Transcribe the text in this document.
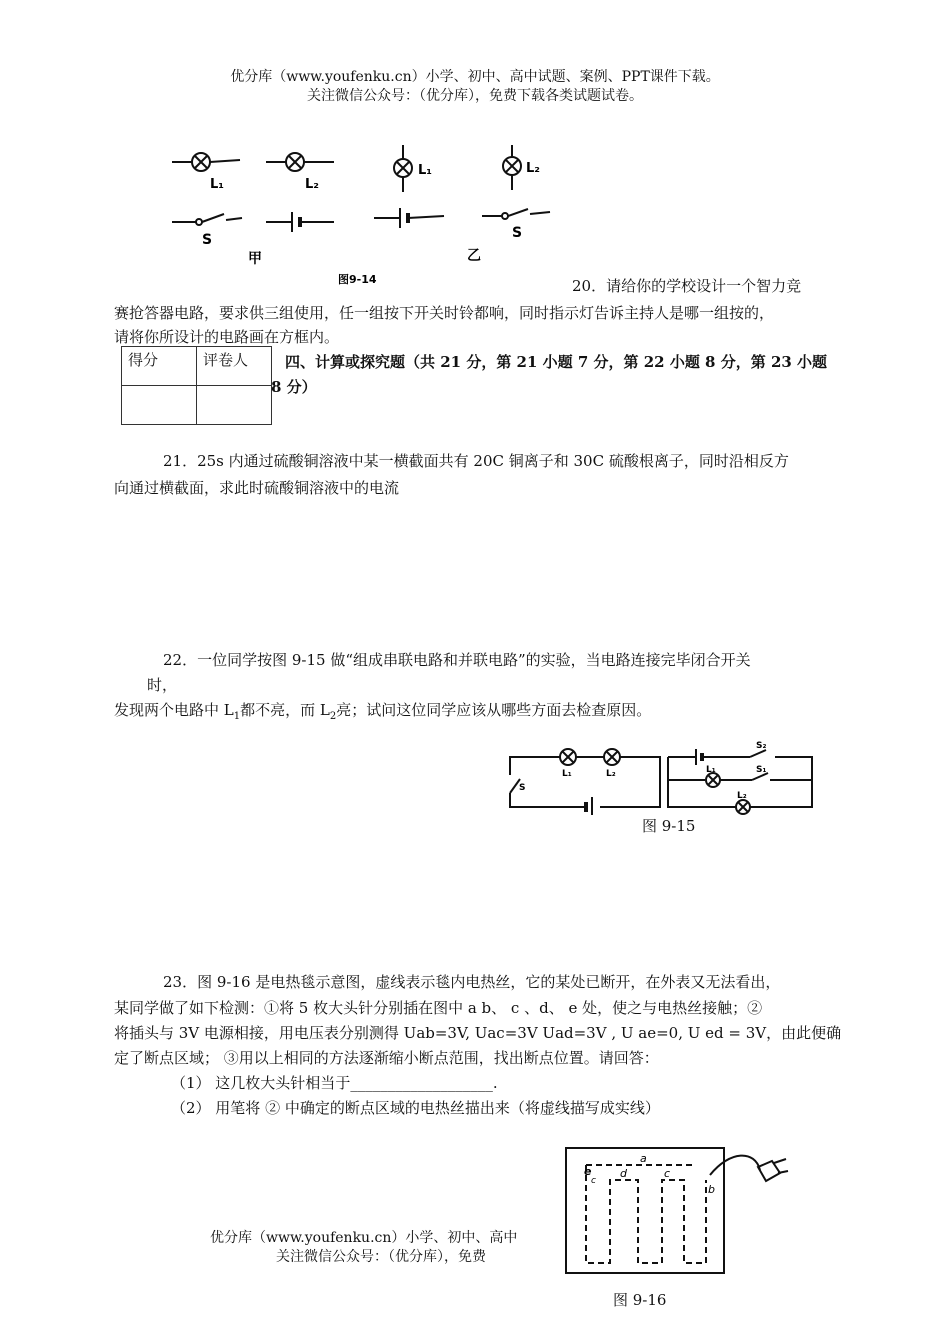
优分库（www.youfenku.cn）小学、初中、高中试题、案例、PPT课件下载。
关注微信公众号：（优分库），免费下载各类试题试卷。
L₁	L₂
L₁	L₂
S	S
甲	乙
图9-14	20．请给你的学校设计一个智力竞
赛抢答器电路，要求供三组使用，任一组按下开关时铃都响，同时指示灯告诉主持人是哪一组按的，
请将你所设计的电路画在方框内。
得分	评卷人
	四、计算或探究题（共 21 分，第 21 小题 7 分，第 22 小题 8 分，第 23 小题
8 分）
21．25s 内通过硫酸铜溶液中某一横截面共有 20C 铜离子和 30C 硫酸根离子，同时沿相反方
向通过横截面，求此时硫酸铜溶液中的电流
22．一位同学按图 9-15 做“组成串联电路和并联电路”的实验，当电路连接完毕闭合开关
时，
发现两个电路中 $L_1$都不亮，而 $L_2$亮；试问这位同学应该从哪些方面去检查原因。
S
L₁	L₂
S₂
L₁	S₁
L₂
图 9-15
23．图 9-16 是电热毯示意图，虚线表示毯内电热丝，它的某处已断开，在外表又无法看出，
某同学做了如下检测：①将 5 枚大头针分别插在图中 a b、 c 、d、 e 处，使之与电热丝接触；②
将插头与 3V 电源相接，用电压表分别测得 Uab=3V, Uac=3V Uad=3V , U ae=0, U ed = 3V，由此便确
定了断点区域； ③用以上相同的方法逐渐缩小断点范围，找出断点位置。请回答：
（1） 这几枚大头针相当于___________________.
（2） 用笔将 ② 中确定的断点区域的电热丝描出来（将虚线描写成实线）
e
c
d
a
c
b
图 9-16
优分库（www.youfenku.cn）小学、初中、高中
关注微信公众号：（优分库），免费
